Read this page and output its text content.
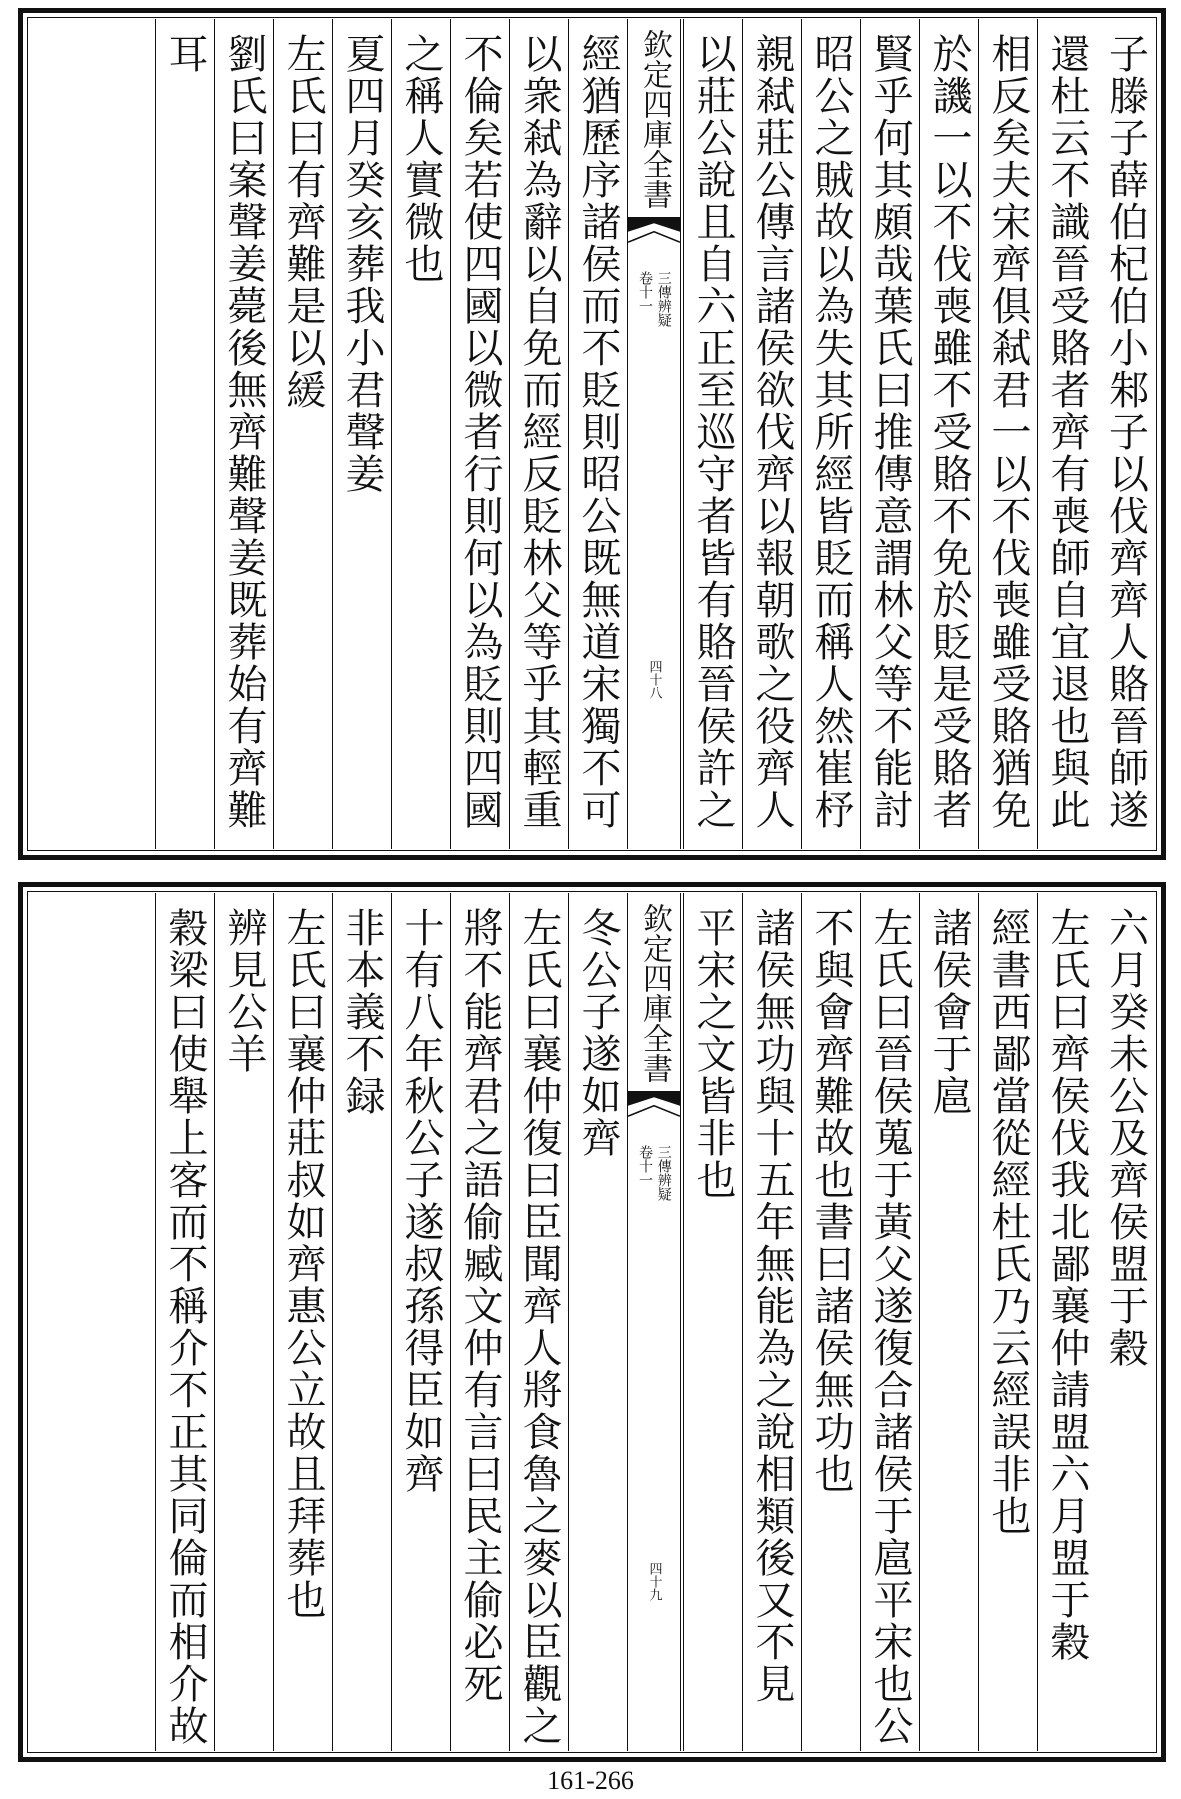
子滕子薛伯杞伯小邾子以伐齊齊人賂晉師遂
還杜云不識晉受賂者齊有喪師自宜退也與此
相反矣夫宋齊俱弒君一以不伐喪雖受賂猶免
於譏一以不伐喪雖不受賂不免於貶是受賂者
賢乎何其頗哉葉氏曰推傳意謂林父等不能討
昭公之賊故以為失其所經皆貶而稱人然崔杼
親弒莊公傳言諸侯欲伐齊以報朝歌之役齊人
以莊公說且自六正至巡守者皆有賂晉侯許之
欽定四庫全書
三傳辨疑
卷十一
四十八
經猶歷序諸侯而不貶則昭公既無道宋獨不可
以衆弒為辭以自免而經反貶林父等乎其輕重
不倫矣若使四國以微者行則何以為貶則四國
之稱人實微也
夏四月癸亥葬我小君聲姜
左氏曰有齊難是以緩
劉氏曰案聲姜薨後無齊難聲姜既葬始有齊難
耳
六月癸未公及齊侯盟于穀
左氏曰齊侯伐我北鄙襄仲請盟六月盟于穀
經書西鄙當從經杜氏乃云經誤非也
諸侯會于扈
左氏曰晉侯蒐于黃父遂復合諸侯于扈平宋也公
不與會齊難故也書曰諸侯無功也
諸侯無功與十五年無能為之說相類後又不見
平宋之文皆非也
欽定四庫全書
三傳辨疑
卷十一
四十九
冬公子遂如齊
左氏曰襄仲復曰臣聞齊人將食魯之麥以臣觀之
將不能齊君之語偷臧文仲有言曰民主偷必死
十有八年秋公子遂叔孫得臣如齊
非本義不録
左氏曰襄仲莊叔如齊惠公立故且拜葬也
辨見公羊
穀梁曰使舉上客而不稱介不正其同倫而相介故
161-266
